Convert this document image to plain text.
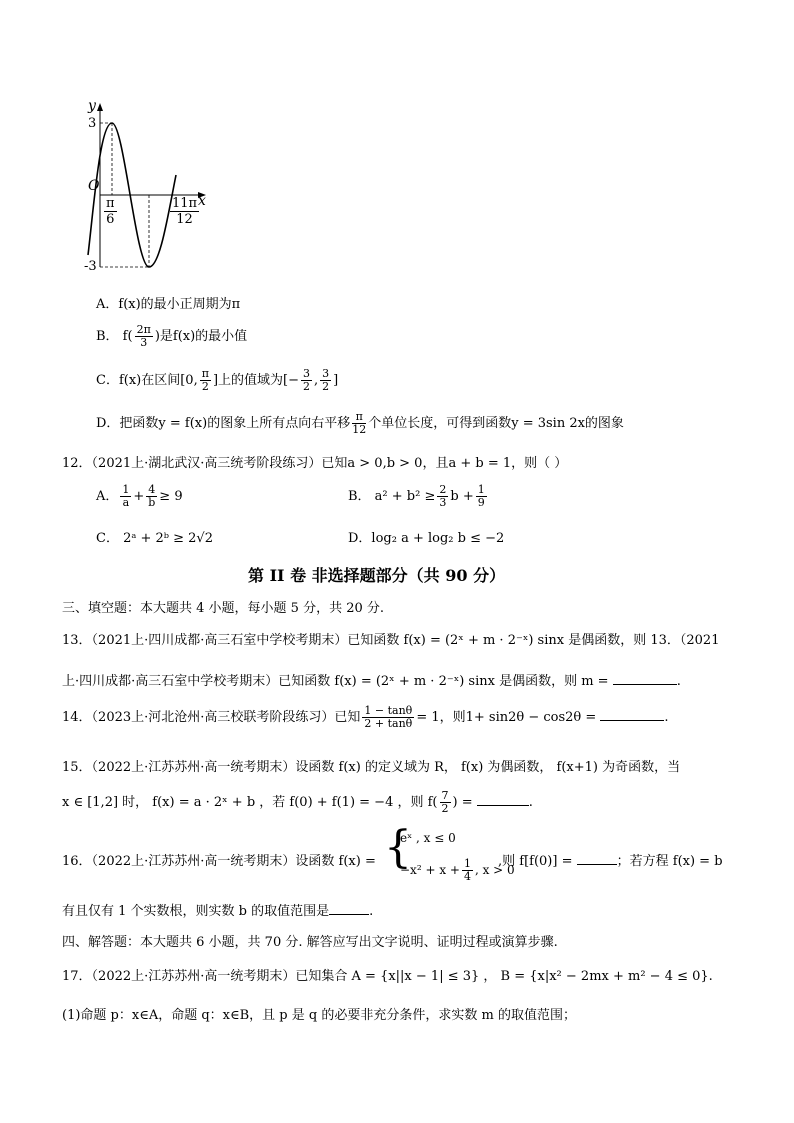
y
x
O
3
-3
$\frac{\pi}{6}$	$\frac{11\pi}{12}$
A．f(x)的最小正周期为π
B． $f( \frac{2\pi}{3}$ )是f(x)的最小值
C．f(x)在区间[0, $\frac{\pi}{2}$ ]上的值域为[− $\frac{3}{2}$ , $\frac{3}{2}$ ]
D．把函数y = f(x)的图象上所有点向右平移 $\frac{\pi}{12}$ 个单位长度，可得到函数y = 3sin 2x的图象
12．（2021上·湖北武汉·高三统考阶段练习）已知a > 0,b > 0，且a + b = 1，则（ ）
A． $\frac{1}{a} + \frac{4}{b} \ge 9$	B． $a^2 + b^2 \ge \frac{2}{3}$ $b + \frac{1}{9}$
C． 2ᵃ + 2ᵇ ≥ 2√2	D．log₂ a + log₂ b ≤ −2
第 II 卷 非选择题部分（共 90 分）
三、填空题：本大题共 4 小题，每小题 5 分，共 20 分.
13．（2021上·四川成都·高三石室中学校考期末）已知函数 f(x) = (2ˣ + m · 2⁻ˣ) sinx 是偶函数，则 13．（2021
上·四川成都·高三石室中学校考期末）已知函数 f(x) = (2ˣ + m · 2⁻ˣ) sinx 是偶函数，则 m =	.
14．（2023上·河北沧州·高三校联考阶段练习）已知 $\frac{1 - \tan\theta}{2 + \tan\theta} = 1$，则1+ sin2θ − cos2θ =	.
15．（2022上·江苏苏州·高一统考期末）设函数 f(x) 的定义域为 R， f(x) 为偶函数， f(x+1) 为奇函数，当
x ∈ [1,2] 时， f(x) = a · 2ˣ + b ，若 f(0) + f(1) = −4 ，则 $f( \frac{7}{2}$ ) =	.
16．（2022上·江苏苏州·高一统考期末）设函数 f(x) = {
eˣ , x ≤ 0
$-x^2 + x + \frac{1}{4}$ , x > 0
,则 f[f(0)] =	；若方程 f(x) = b
有且仅有 1 个实数根，则实数 b 的取值范围是	.
四、解答题：本大题共 6 小题，共 70 分. 解答应写出文字说明、证明过程或演算步骤.
17．（2022上·江苏苏州·高一统考期末）已知集合 A = {x||x − 1| ≤ 3} ， B = {x|x² − 2mx + m² − 4 ≤ 0}.
(1)命题 p：x∈A，命题 q：x∈B，且 p 是 q 的必要非充分条件，求实数 m 的取值范围；
